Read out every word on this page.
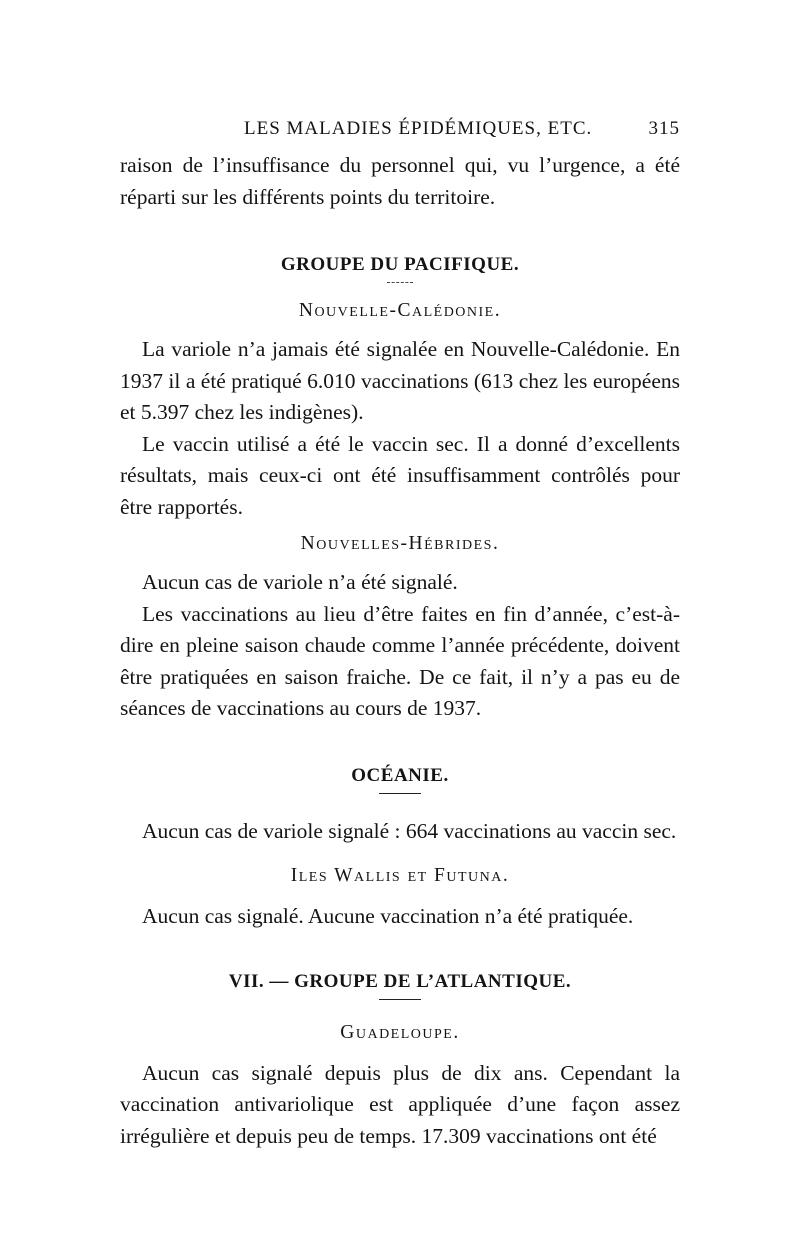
LES MALADIES ÉPIDÉMIQUES, ETC.	315

raison de l’insuffisance du personnel qui, vu l’urgence, a été réparti sur les différents points du territoire.

GROUPE DU PACIFIQUE.
Nouvelle-Calédonie.

La variole n’a jamais été signalée en Nouvelle-Calédonie. En 1937 il a été pratiqué 6.010 vaccinations (613 chez les européens et 5.397 chez les indigènes).

Le vaccin utilisé a été le vaccin sec. Il a donné d’excellents résultats, mais ceux-ci ont été insuffisamment contrôlés pour être rapportés.

Nouvelles-Hébrides.

Aucun cas de variole n’a été signalé.

Les vaccinations au lieu d’être faites en fin d’année, c’est-à-dire en pleine saison chaude comme l’année précédente, doivent être pratiquées en saison fraiche. De ce fait, il n’y a pas eu de séances de vaccinations au cours de 1937.

OCÉANIE.

Aucun cas de variole signalé : 664 vaccinations au vaccin sec.

Iles Wallis et Futuna.

Aucun cas signalé. Aucune vaccination n’a été pratiquée.

VII. — GROUPE DE L’ATLANTIQUE.
Guadeloupe.

Aucun cas signalé depuis plus de dix ans. Cependant la vaccination antivariolique est appliquée d’une façon assez irrégulière et depuis peu de temps. 17.309 vaccinations ont été
